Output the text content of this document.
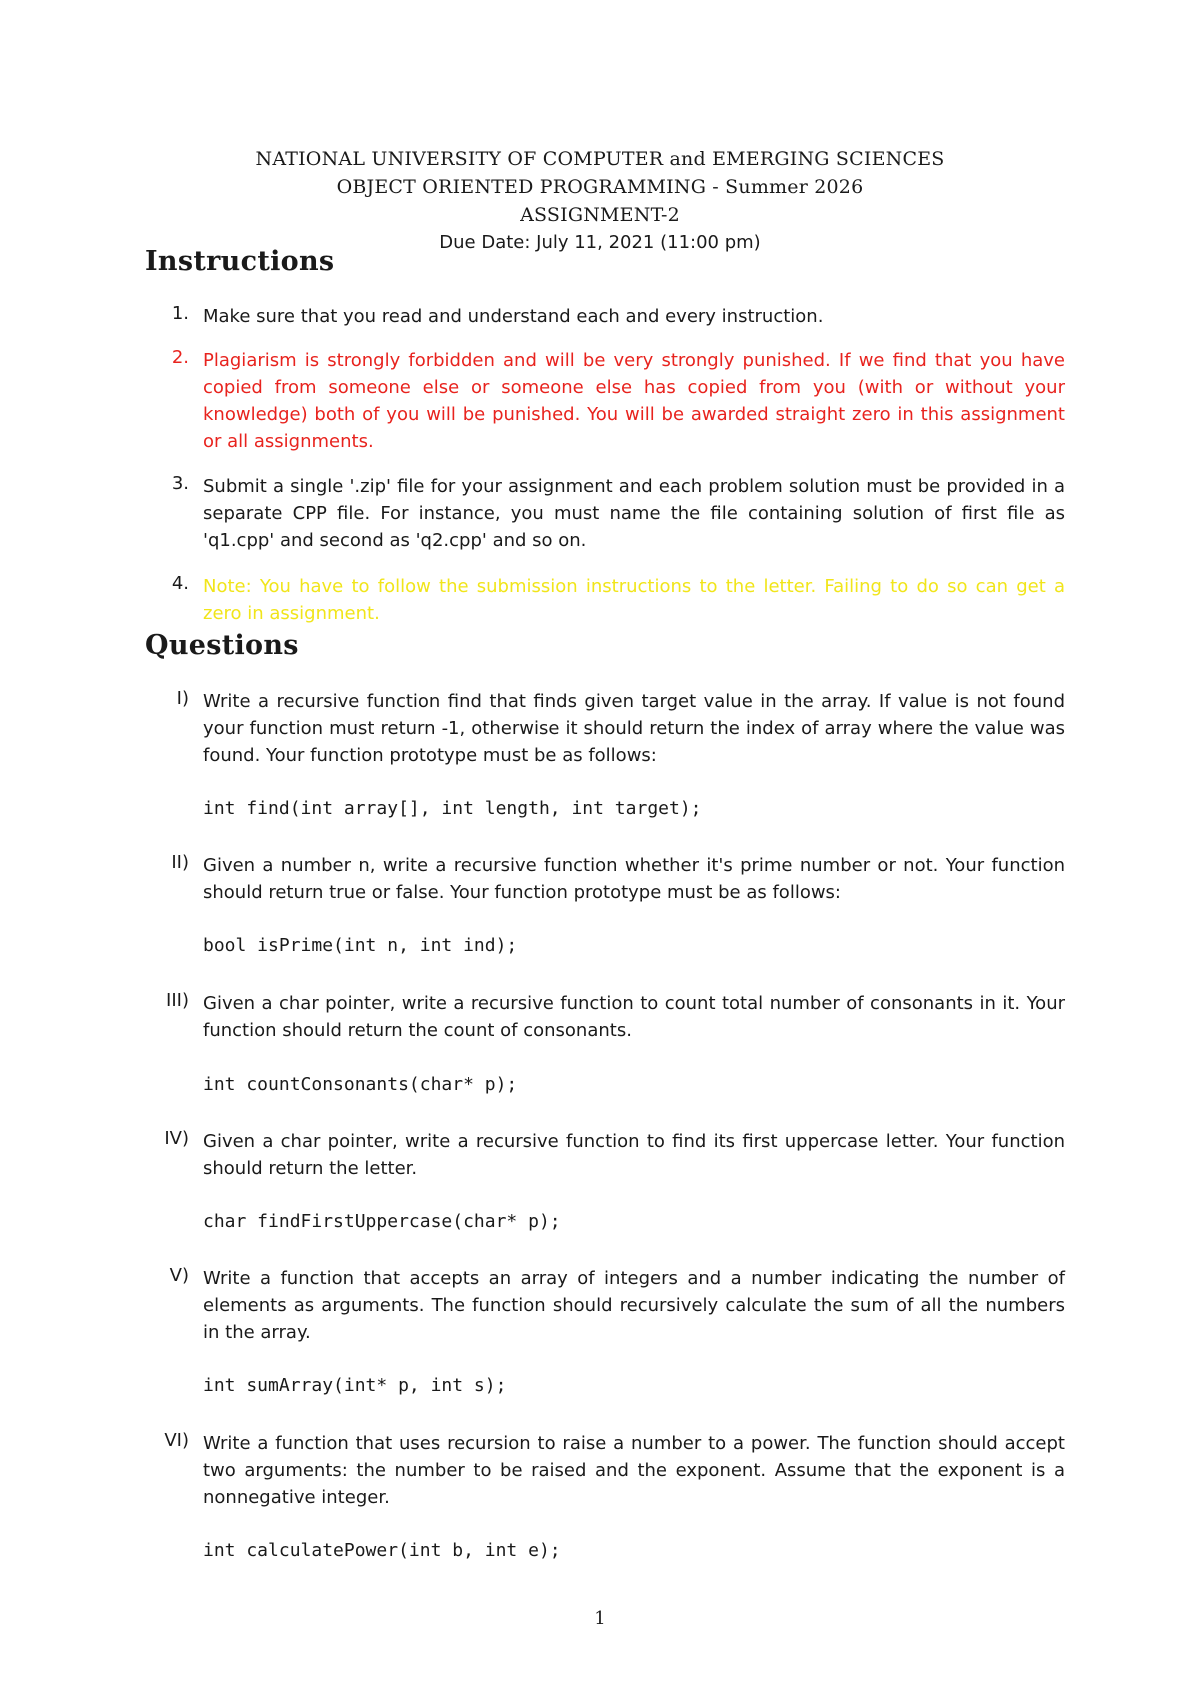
NATIONAL UNIVERSITY OF COMPUTER and EMERGING SCIENCES
OBJECT ORIENTED PROGRAMMING - Summer 2026
ASSIGNMENT-2
Due Date: July 11, 2021 (11:00 pm)
Instructions
1. Make sure that you read and understand each and every instruction.
2. Plagiarism is strongly forbidden and will be very strongly punished. If we find that you have copied from someone else or someone else has copied from you (with or without your knowledge) both of you will be punished. You will be awarded straight zero in this assignment or all assignments.
3. Submit a single '.zip' file for your assignment and each problem solution must be provided in a separate CPP file. For instance, you must name the file containing solution of first file as 'q1.cpp' and second as 'q2.cpp' and so on.
4. Note: You have to follow the submission instructions to the letter. Failing to do so can get a zero in assignment.
Questions
I) Write a recursive function find that finds given target value in the array. If value is not found your function must return -1, otherwise it should return the index of array where the value was found. Your function prototype must be as follows:
int find(int array[], int length, int target);
II) Given a number n, write a recursive function whether it's prime number or not. Your function should return true or false. Your function prototype must be as follows:
bool isPrime(int n, int ind);
III) Given a char pointer, write a recursive function to count total number of consonants in it. Your function should return the count of consonants.
int countConsonants(char* p);
IV) Given a char pointer, write a recursive function to find its first uppercase letter. Your function should return the letter.
char findFirstUppercase(char* p);
V) Write a function that accepts an array of integers and a number indicating the number of elements as arguments. The function should recursively calculate the sum of all the numbers in the array.
int sumArray(int* p, int s);
VI) Write a function that uses recursion to raise a number to a power. The function should accept two arguments: the number to be raised and the exponent. Assume that the exponent is a nonnegative integer.
int calculatePower(int b, int e);
1
